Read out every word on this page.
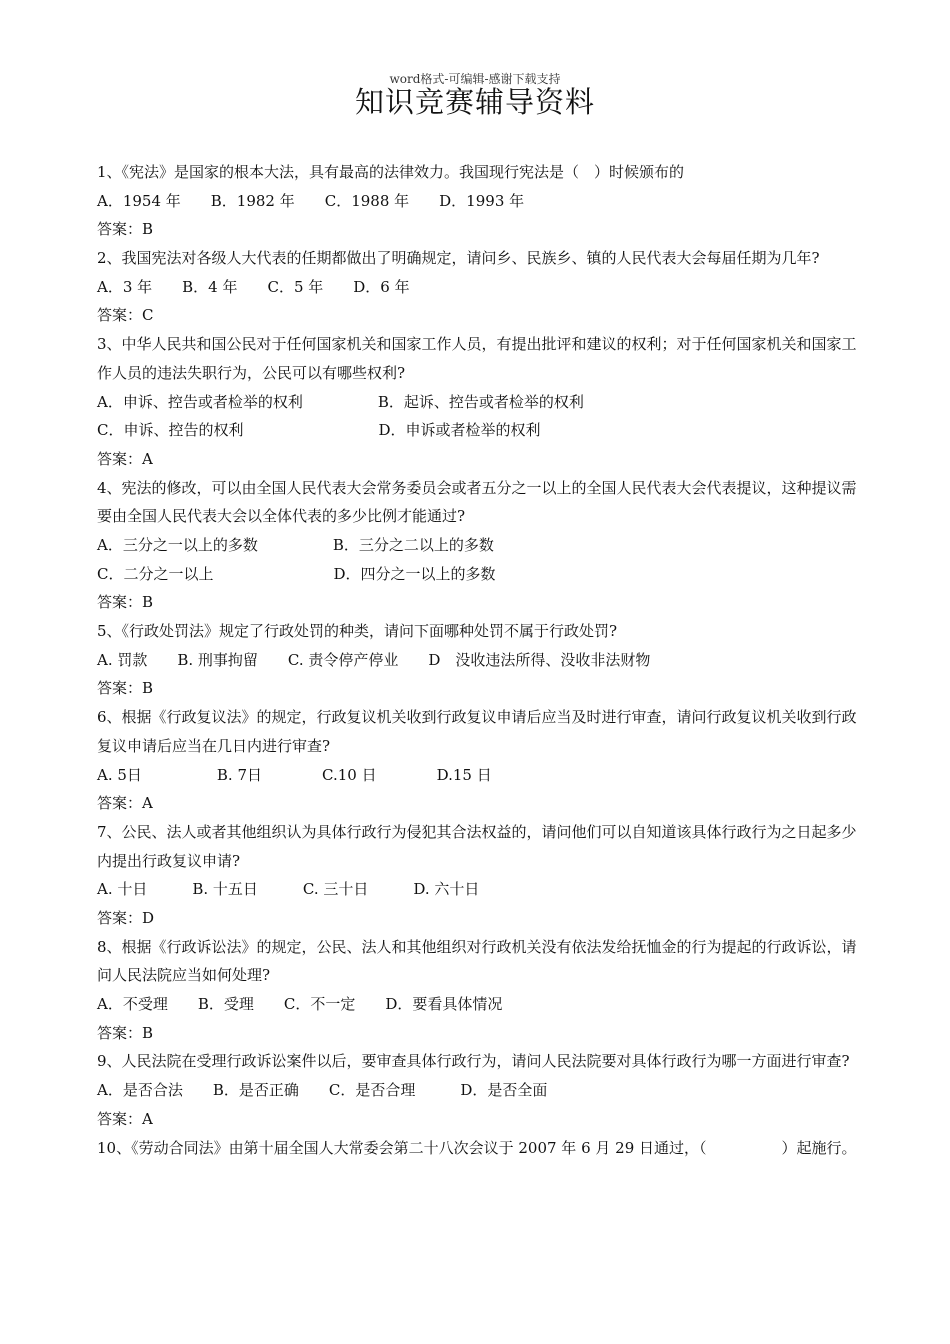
word格式-可编辑-感谢下载支持
知识竞赛辅导资料
1、《宪法》是国家的根本大法，具有最高的法律效力。我国现行宪法是（　）时候颁布的
A．1954 年　　B．1982 年　　C．1988 年　　D．1993 年
答案：B
2、我国宪法对各级人大代表的任期都做出了明确规定，请问乡、民族乡、镇的人民代表大会每届任期为几年?
A．3 年　　B．4 年　　C．5 年　　D．6 年
答案：C
3、中华人民共和国公民对于任何国家机关和国家工作人员，有提出批评和建议的权利；对于任何国家机关和国家工作人员的违法失职行为，公民可以有哪些权利?
A．申诉、控告或者检举的权利　　　　　B．起诉、控告或者检举的权利
C．申诉、控告的权利　　　　　　　　　D．申诉或者检举的权利
答案：A
4、宪法的修改，可以由全国人民代表大会常务委员会或者五分之一以上的全国人民代表大会代表提议，这种提议需要由全国人民代表大会以全体代表的多少比例才能通过?
A．三分之一以上的多数　　　　　B．三分之二以上的多数
C．二分之一以上　　　　　　　　D．四分之一以上的多数
答案：B
5、《行政处罚法》规定了行政处罚的种类，请问下面哪种处罚不属于行政处罚?
A. 罚款　　B. 刑事拘留　　C. 责令停产停业　　D　没收违法所得、没收非法财物
答案：B
6、根据《行政复议法》的规定，行政复议机关收到行政复议申请后应当及时进行审查，请问行政复议机关收到行政复议申请后应当在几日内进行审查?
A. 5日　　　　　B. 7日　　　　C.10 日　　　　D.15 日
答案：A
7、公民、法人或者其他组织认为具体行政行为侵犯其合法权益的，请问他们可以自知道该具体行政行为之日起多少内提出行政复议申请?
A. 十日　　　B. 十五日　　　C. 三十日　　　D. 六十日
答案：D
8、根据《行政诉讼法》的规定，公民、法人和其他组织对行政机关没有依法发给抚恤金的行为提起的行政诉讼，请问人民法院应当如何处理?
A．不受理　　B．受理　　C．不一定　　D．要看具体情况
答案：B
9、人民法院在受理行政诉讼案件以后，要审查具体行政行为，请问人民法院要对具体行政行为哪一方面进行审查?
A．是否合法　　B．是否正确　　C．是否合理　　　D．是否全面
答案：A
10、《劳动合同法》由第十届全国人大常委会第二十八次会议于 2007 年 6 月 29 日通过，（　　　　　）起施行。
